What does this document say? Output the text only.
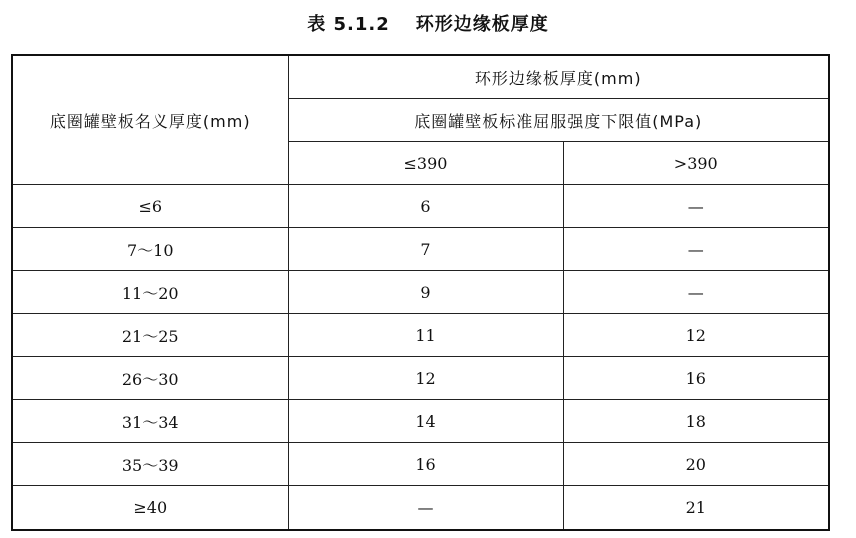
表 5.1.2 环形边缘板厚度
底圈罐壁板名义厚度(mm)	环形边缘板厚度(mm)	
	底圈罐壁板标准屈服强度下限值(MPa)	
	≤390	>390
≤6	6	—
7～10	7	—
11～20	9	—
21～25	11	12
26～30	12	16
31～34	14	18
35～39	16	20
≥40	—	21
